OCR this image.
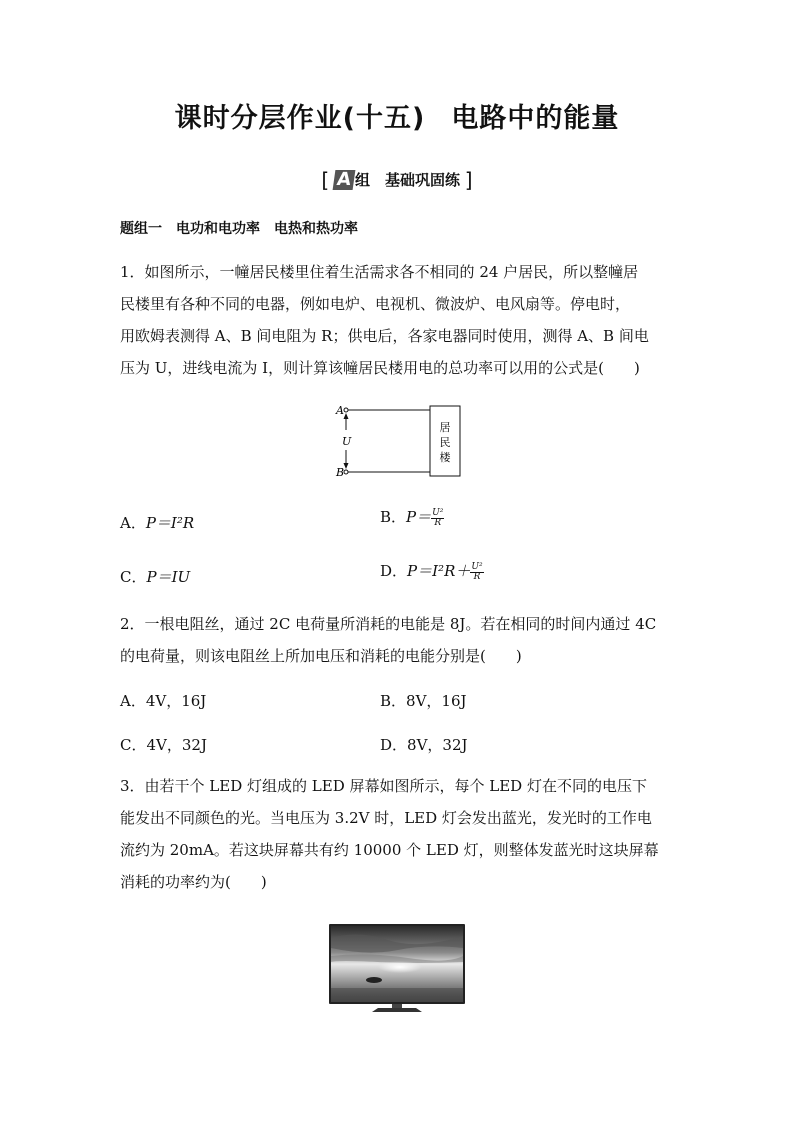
课时分层作业(十五) 电路中的能量
[ A 组　基础巩固练 ]
题组一 电功和电功率 电热和热功率
1．如图所示，一幢居民楼里住着生活需求各不相同的 24 户居民，所以整幢居
民楼里有各种不同的电器，例如电炉、电视机、微波炉、电风扇等。停电时，
用欧姆表测得 A、B 间电阻为 R；供电后，各家电器同时使用，测得 A、B 间电
压为 U，进线电流为 I，则计算该幢居民楼用电的总功率可以用的公式是(　　)
A
B
U
居
民
楼
A．P＝I²R	B．$P= \frac{\text{U²}}{R}$
C．P＝IU	D．$P=I^2R+ \frac{\text{U²}}{R}$
2．一根电阻丝，通过 2C 电荷量所消耗的电能是 8J。若在相同的时间内通过 4C
的电荷量，则该电阻丝上所加电压和消耗的电能分别是(　　)
A．4V，16J	B．8V，16J
C．4V，32J	D．8V，32J
3．由若干个 LED 灯组成的 LED 屏幕如图所示，每个 LED 灯在不同的电压下
能发出不同颜色的光。当电压为 3.2V 时，LED 灯会发出蓝光，发光时的工作电
流约为 20mA。若这块屏幕共有约 10000 个 LED 灯，则整体发蓝光时这块屏幕
消耗的功率约为(　　)
